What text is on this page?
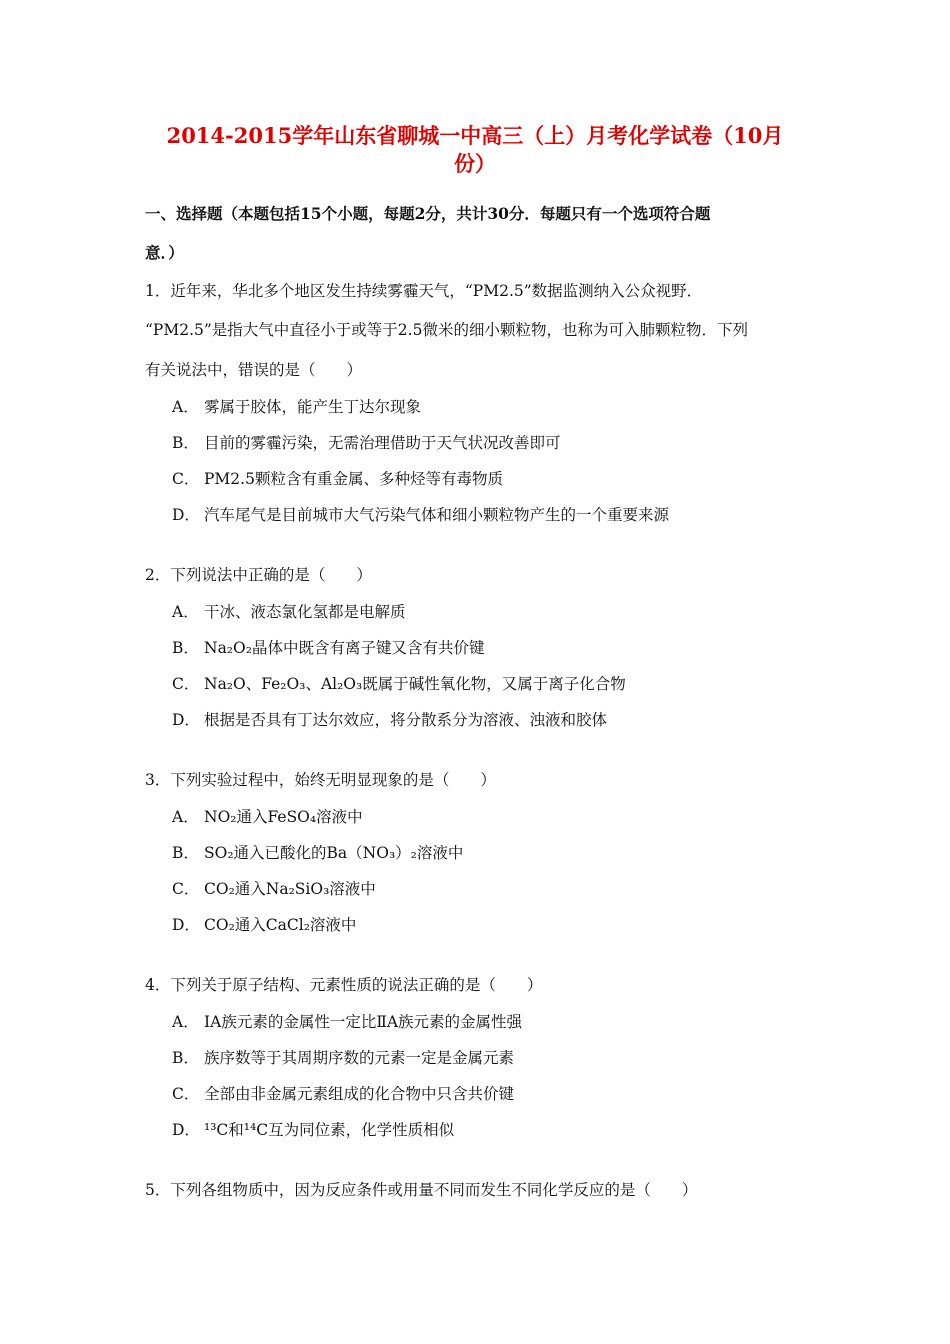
2014-2015学年山东省聊城一中高三（上）月考化学试卷（10月
份）

一、选择题（本题包括15个小题，每题2分，共计30分．每题只有一个选项符合题

意．）

1．近年来，华北多个地区发生持续雾霾天气，“PM2.5”数据监测纳入公众视野．

“PM2.5”是指大气中直径小于或等于2.5微米的细小颗粒物，也称为可入肺颗粒物．下列

有关说法中，错误的是（　　）

A． 雾属于胶体，能产生丁达尔现象

B． 目前的雾霾污染，无需治理借助于天气状况改善即可

C． PM2.5颗粒含有重金属、多种烃等有毒物质

D． 汽车尾气是目前城市大气污染气体和细小颗粒物产生的一个重要来源

2．下列说法中正确的是（　　）

A． 干冰、液态氯化氢都是电解质

B． Na₂O₂晶体中既含有离子键又含有共价键

C． Na₂O、Fe₂O₃、Al₂O₃既属于碱性氧化物，又属于离子化合物

D． 根据是否具有丁达尔效应，将分散系分为溶液、浊液和胶体

3．下列实验过程中，始终无明显现象的是（　　）

A． NO₂通入FeSO₄溶液中

B． SO₂通入已酸化的Ba（NO₃）₂溶液中

C． CO₂通入Na₂SiO₃溶液中

D． CO₂通入CaCl₂溶液中

4．下列关于原子结构、元素性质的说法正确的是（　　）

A． ⅠA族元素的金属性一定比ⅡA族元素的金属性强

B． 族序数等于其周期序数的元素一定是金属元素

C． 全部由非金属元素组成的化合物中只含共价键

D． ¹³C和¹⁴C互为同位素，化学性质相似

5．下列各组物质中，因为反应条件或用量不同而发生不同化学反应的是（　　）
